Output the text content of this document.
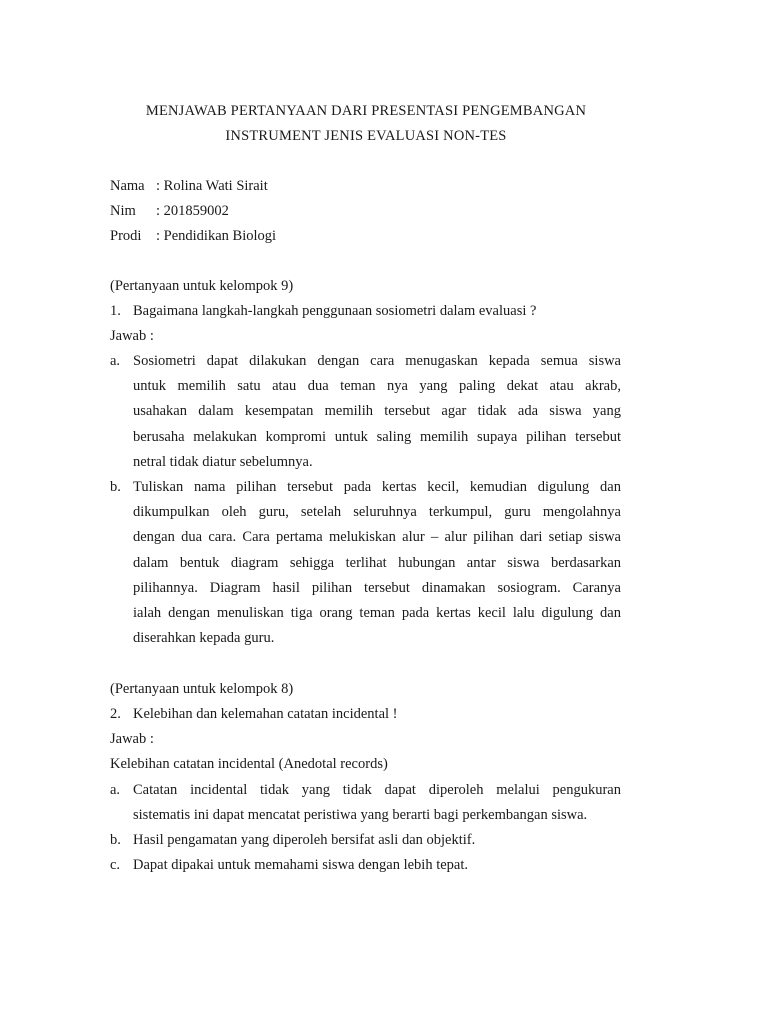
MENJAWAB PERTANYAAN DARI PRESENTASI PENGEMBANGAN
INSTRUMENT JENIS EVALUASI NON-TES
Nama : Rolina Wati Sirait
Nim : 201859002
Prodi : Pendidikan Biologi
(Pertanyaan untuk kelompok 9)
1. Bagaimana langkah-langkah penggunaan sosiometri dalam evaluasi ?
Jawab :
a. Sosiometri dapat dilakukan dengan cara menugaskan kepada semua siswa
untuk memilih satu atau dua teman nya yang paling dekat atau akrab,
usahakan dalam kesempatan memilih tersebut agar tidak ada siswa yang
berusaha melakukan kompromi untuk saling memilih supaya pilihan tersebut
netral tidak diatur sebelumnya.
b. Tuliskan nama pilihan tersebut pada kertas kecil, kemudian digulung dan
dikumpulkan oleh guru, setelah seluruhnya terkumpul, guru mengolahnya
dengan dua cara. Cara pertama melukiskan alur – alur pilihan dari setiap siswa
dalam bentuk diagram sehigga terlihat hubungan antar siswa berdasarkan
pilihannya. Diagram hasil pilihan tersebut dinamakan sosiogram. Caranya
ialah dengan menuliskan tiga orang teman pada kertas kecil lalu digulung dan
diserahkan kepada guru.
(Pertanyaan untuk kelompok 8)
2. Kelebihan dan kelemahan catatan incidental !
Jawab :
Kelebihan catatan incidental (Anedotal records)
a. Catatan incidental tidak yang tidak dapat diperoleh melalui pengukuran
sistematis ini dapat mencatat peristiwa yang berarti bagi perkembangan siswa.
b. Hasil pengamatan yang diperoleh bersifat asli dan objektif.
c. Dapat dipakai untuk memahami siswa dengan lebih tepat.
